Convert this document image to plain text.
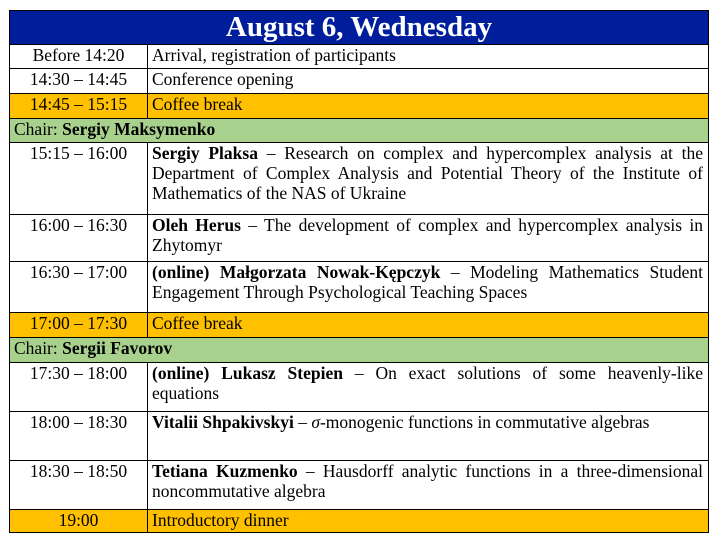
August 6, Wednesday	
Before 14:20	Arrival, registration of participants
14:30 – 14:45	Conference opening
14:45 – 15:15	Coffee break
Chair: Sergiy Maksymenko	
15:15 – 16:00	Sergiy Plaksa – Research on complex and hypercomplex analysis at the Department of Complex Analysis and Potential Theory of the Institute of Mathematics of the NAS of Ukraine
16:00 – 16:30	Oleh Herus – The development of complex and hypercomplex analysis in Zhytomyr
16:30 – 17:00	(online) Małgorzata Nowak-Kępczyk – Modeling Mathematics Student Engagement Through Psychological Teaching Spaces
17:00 – 17:30	Coffee break
Chair: Sergii Favorov	
17:30 – 18:00	(online) Lukasz Stepien – On exact solutions of some heavenly-like equations
18:00 – 18:30	Vitalii Shpakivskyi – σ-monogenic functions in commutative algebras
18:30 – 18:50	Tetiana Kuzmenko – Hausdorff analytic functions in a three-dimensional noncommutative algebra
19:00	Introductory dinner
